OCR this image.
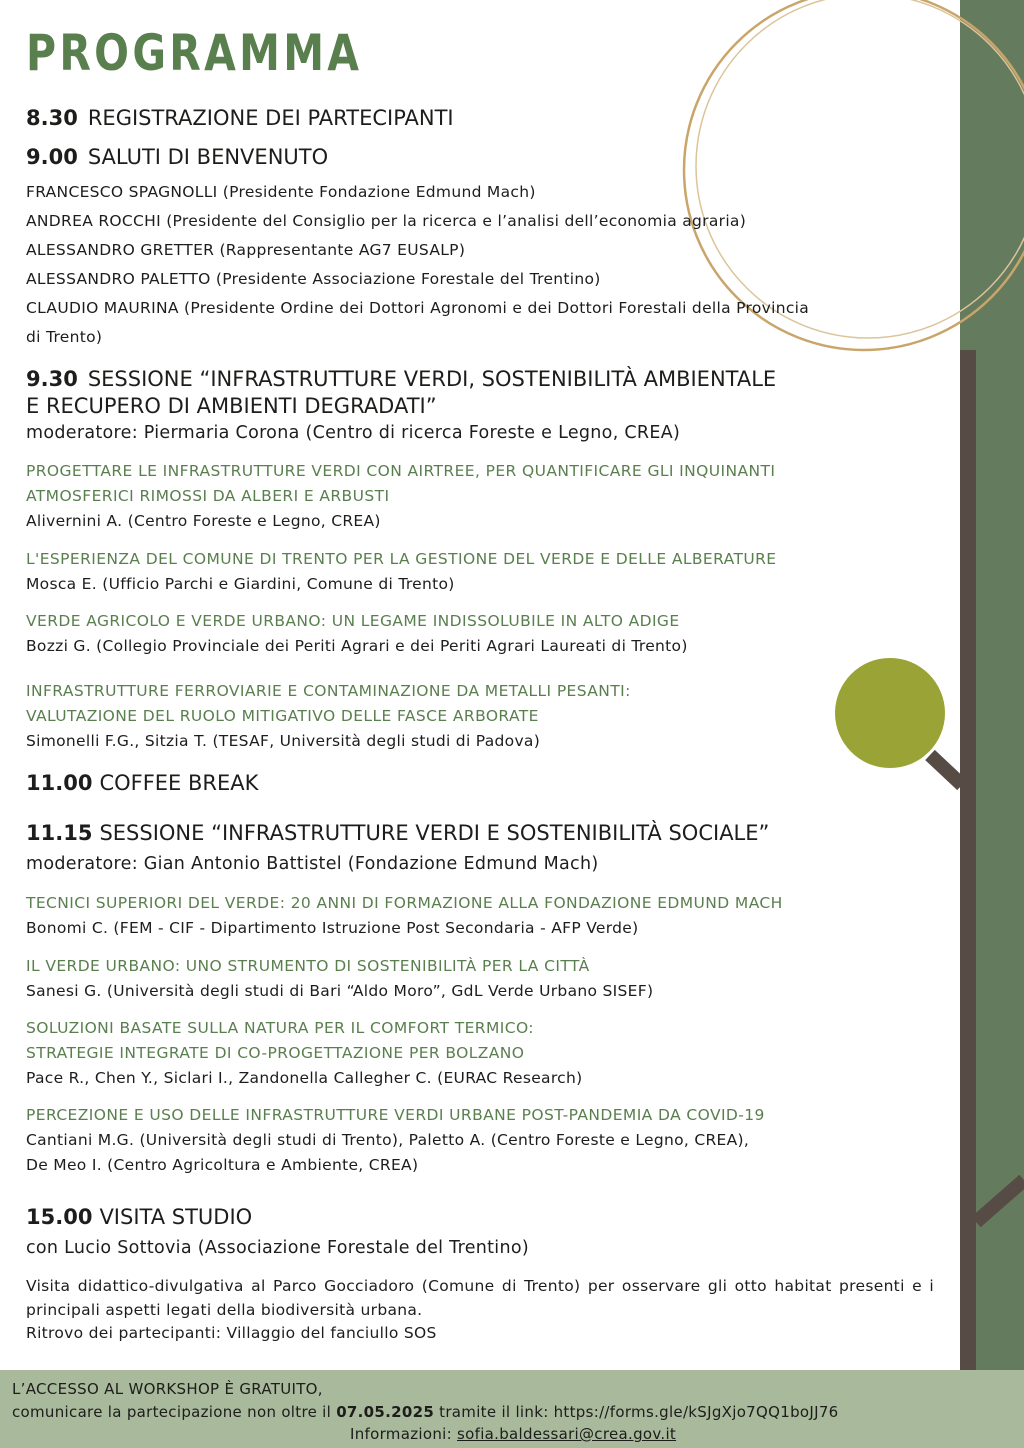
PROGRAMMA
8.30 REGISTRAZIONE DEI PARTECIPANTI
9.00 SALUTI DI BENVENUTO
FRANCESCO SPAGNOLLI (Presidente Fondazione Edmund Mach)
ANDREA ROCCHI (Presidente del Consiglio per la ricerca e l’analisi dell’economia agraria)
ALESSANDRO GRETTER (Rappresentante AG7 EUSALP)
ALESSANDRO PALETTO (Presidente Associazione Forestale del Trentino)
CLAUDIO MAURINA (Presidente Ordine dei Dottori Agronomi e dei Dottori Forestali della Provincia
di Trento)
9.30 SESSIONE “INFRASTRUTTURE VERDI, SOSTENIBILITÀ AMBIENTALE
E RECUPERO DI AMBIENTI DEGRADATI”
moderatore: Piermaria Corona (Centro di ricerca Foreste e Legno, CREA)
PROGETTARE LE INFRASTRUTTURE VERDI CON AIRTREE, PER QUANTIFICARE GLI INQUINANTI
ATMOSFERICI RIMOSSI DA ALBERI E ARBUSTI
Alivernini A. (Centro Foreste e Legno, CREA)
L'ESPERIENZA DEL COMUNE DI TRENTO PER LA GESTIONE DEL VERDE E DELLE ALBERATURE
Mosca E. (Ufficio Parchi e Giardini, Comune di Trento)
VERDE AGRICOLO E VERDE URBANO: UN LEGAME INDISSOLUBILE IN ALTO ADIGE
Bozzi G. (Collegio Provinciale dei Periti Agrari e dei Periti Agrari Laureati di Trento)
INFRASTRUTTURE FERROVIARIE E CONTAMINAZIONE DA METALLI PESANTI:
VALUTAZIONE DEL RUOLO MITIGATIVO DELLE FASCE ARBORATE
Simonelli F.G., Sitzia T. (TESAF, Università degli studi di Padova)
11.00 COFFEE BREAK
11.15 SESSIONE “INFRASTRUTTURE VERDI E SOSTENIBILITÀ SOCIALE”
moderatore: Gian Antonio Battistel (Fondazione Edmund Mach)
TECNICI SUPERIORI DEL VERDE: 20 ANNI DI FORMAZIONE ALLA FONDAZIONE EDMUND MACH
Bonomi C. (FEM - CIF - Dipartimento Istruzione Post Secondaria - AFP Verde)
IL VERDE URBANO: UNO STRUMENTO DI SOSTENIBILITÀ PER LA CITTÀ
Sanesi G. (Università degli studi di Bari “Aldo Moro”, GdL Verde Urbano SISEF)
SOLUZIONI BASATE SULLA NATURA PER IL COMFORT TERMICO:
STRATEGIE INTEGRATE DI CO-PROGETTAZIONE PER BOLZANO
Pace R., Chen Y., Siclari I., Zandonella Callegher C. (EURAC Research)
PERCEZIONE E USO DELLE INFRASTRUTTURE VERDI URBANE POST-PANDEMIA DA COVID-19
Cantiani M.G. (Università degli studi di Trento), Paletto A. (Centro Foreste e Legno, CREA),
De Meo I. (Centro Agricoltura e Ambiente, CREA)
15.00 VISITA STUDIO
con Lucio Sottovia (Associazione Forestale del Trentino)
Visita didattico-divulgativa al Parco Gocciadoro (Comune di Trento) per osservare gli otto habitat presenti e i principali aspetti legati della biodiversità urbana.
Ritrovo dei partecipanti: Villaggio del fanciullo SOS
L’ACCESSO AL WORKSHOP È GRATUITO,
comunicare la partecipazione non oltre il 07.05.2025 tramite il link: https://forms.gle/kSJgXjo7QQ1boJJ76
Informazioni: sofia.baldessari@crea.gov.it
